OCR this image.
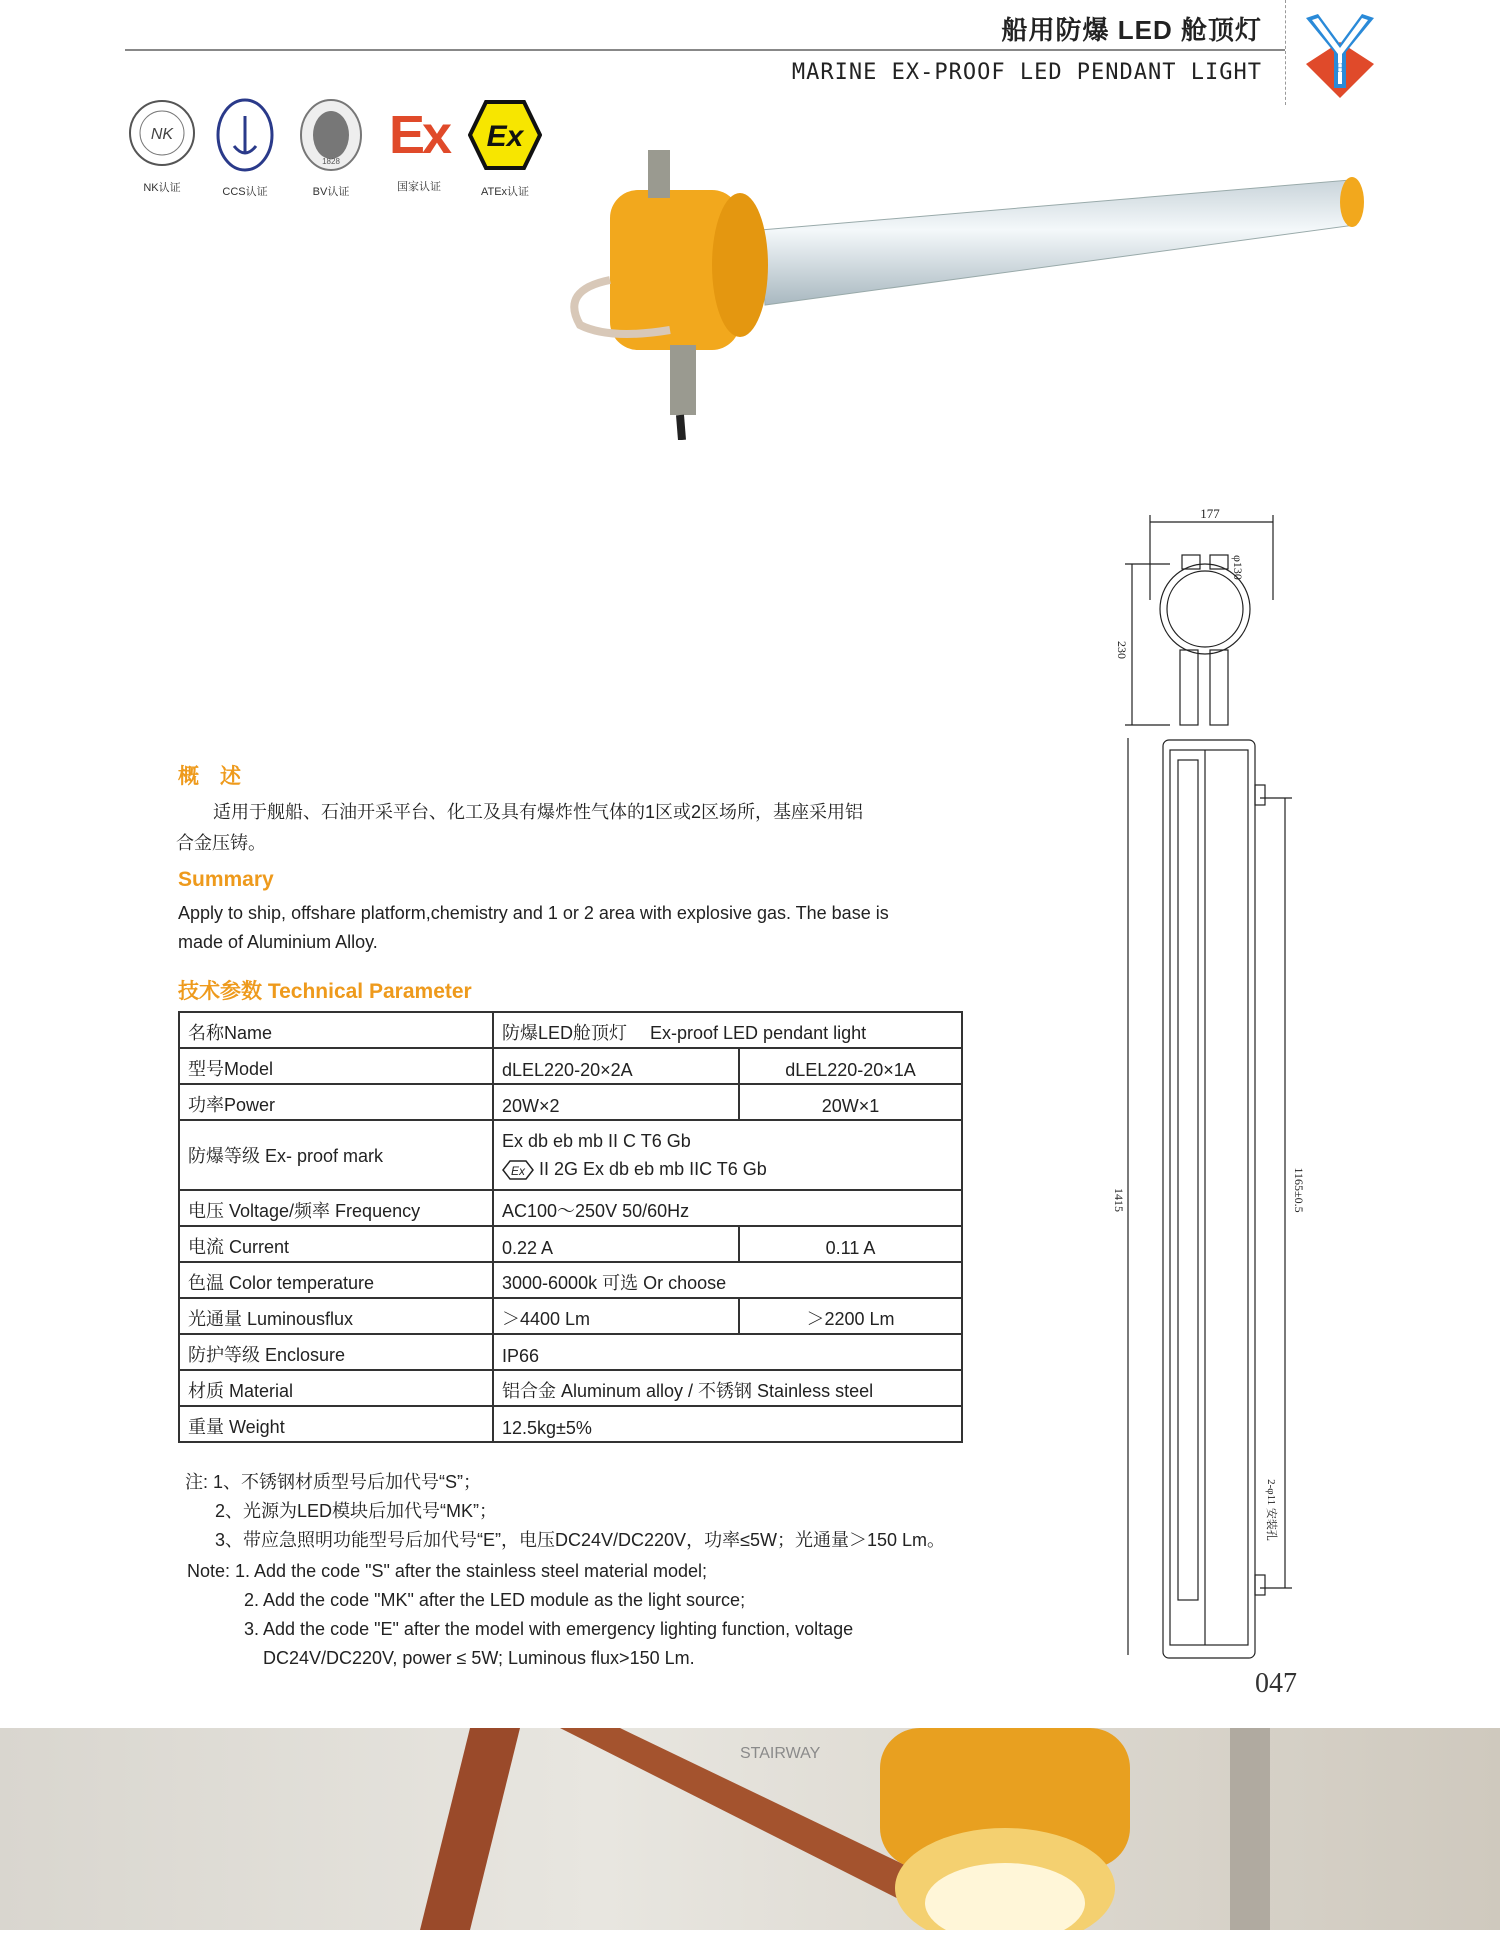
船用防爆 LED 舱顶灯
MARINE EX-PROOF LED PENDANT LIGHT	H
NK
NK认证	CCS认证
1828
BV认证
Ex
国家认证
Ex
ATEx认证
177
φ130
230
1415	1165±0.5
2-φ11 安装孔
概　述
适用于舰船、石油开采平台、化工及具有爆炸性气体的1区或2区场所，基座采用铝
合金压铸。
Summary
Apply to ship, offshare platform,chemistry and 1 or 2 area with explosive gas. The base is
made of Aluminium Alloy.
技术参数 Technical Parameter
名称Name	防爆LED舱顶灯　 Ex-proof LED pendant light	
型号Model	dLEL220-20×2A	dLEL220-20×1A
功率Power	20W×2	20W×1
防爆等级 Ex- proof mark	Ex db eb mb II C T6 Gb
Ex II 2G Ex db eb mb IIC T6 Gb	

电压 Voltage/频率 Frequency	AC100～250V 50/60Hz	
电流 Current	0.22 A	0.11 A
色温 Color temperature	3000-6000k 可选 Or choose	
光通量 Luminousflux	＞4400 Lm	＞2200 Lm
防护等级 Enclosure	IP66	
材质 Material	铝合金 Aluminum alloy / 不锈钢 Stainless steel	
重量 Weight	12.5kg±5%	
注: 1、不锈钢材质型号后加代号“S”；
2、光源为LED模块后加代号“MK”；
3、带应急照明功能型号后加代号“E”，电压DC24V/DC220V，功率≤5W；光通量＞150 Lm。
Note: 1. Add the code "S" after the stainless steel material model;
2. Add the code "MK" after the LED module as the light source;
3. Add the code "E" after the model with emergency lighting function, voltage
DC24V/DC220V, power ≤ 5W; Luminous flux>150 Lm.
047
STAIRWAY
